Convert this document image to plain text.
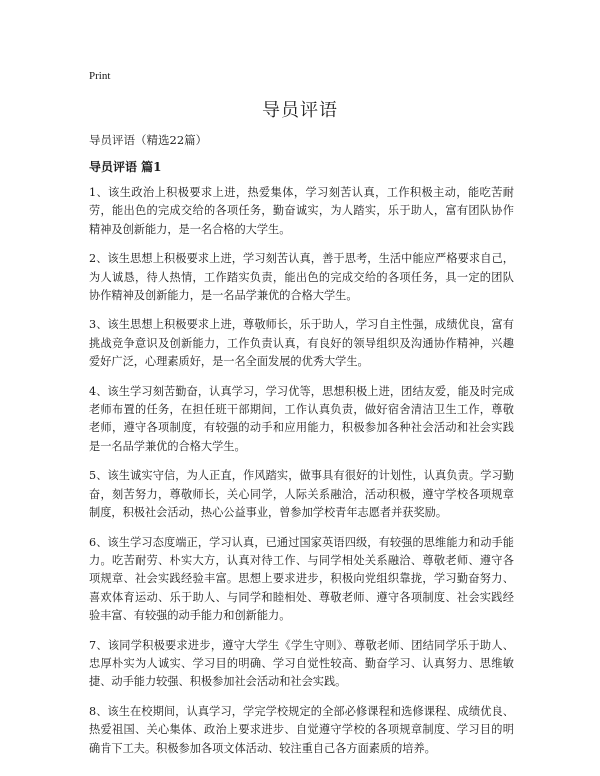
Print
导员评语
导员评语（精选22篇）
导员评语 篇1

1、该生政治上积极要求上进，热爱集体，学习刻苦认真，工作积极主动，能吃苦耐劳，能出色的完成交给的各项任务，勤奋诚实，为人踏实，乐于助人，富有团队协作精神及创新能力，是一名合格的大学生。

2、该生思想上积极要求上进，学习刻苦认真，善于思考，生活中能应严格要求自己，为人诚恳，待人热情，工作踏实负责，能出色的完成交给的各项任务，具一定的团队协作精神及创新能力，是一名品学兼优的合格大学生。

3、该生思想上积极要求上进，尊敬师长，乐于助人，学习自主性强，成绩优良，富有挑战竞争意识及创新能力，工作负责认真，有良好的领导组织及沟通协作精神，兴趣爱好广泛，心理素质好，是一名全面发展的优秀大学生。

4、该生学习刻苦勤奋，认真学习，学习优等，思想积极上进，团结友爱，能及时完成老师布置的任务，在担任班干部期间，工作认真负责，做好宿舍清洁卫生工作，尊敬老师，遵守各项制度，有较强的动手和应用能力，积极参加各种社会活动和社会实践是一名品学兼优的合格大学生。

5、该生诚实守信，为人正直，作风踏实，做事具有很好的计划性，认真负责。学习勤奋，刻苦努力，尊敬师长，关心同学，人际关系融洽，活动积极，遵守学校各项规章制度，积极社会活动，热心公益事业，曾参加学校青年志愿者并获奖励。

6、该生学习态度端正，学习认真，已通过国家英语四级，有较强的思维能力和动手能力。吃苦耐劳、朴实大方，认真对待工作、与同学相处关系融洽、尊敬老师、遵守各项规章、社会实践经验丰富。思想上要求进步，积极向党组织靠拢，学习勤奋努力、喜欢体育运动、乐于助人、与同学和睦相处、尊敬老师、遵守各项制度、社会实践经验丰富、有较强的动手能力和创新能力。

7、该同学积极要求进步，遵守大学生《学生守则》、尊敬老师、团结同学乐于助人、忠厚朴实为人诚实、学习目的明确、学习自觉性较高、勤奋学习、认真努力、思维敏捷、动手能力较强、积极参加社会活动和社会实践。

8、该生在校期间，认真学习，学完学校规定的全部必修课程和选修课程、成绩优良、热爱祖国、关心集体、政治上要求进步、自觉遵守学校的各项规章制度、学习目的明确肯下工夫。积极参加各项文体活动、较注重自己各方面素质的培养。
